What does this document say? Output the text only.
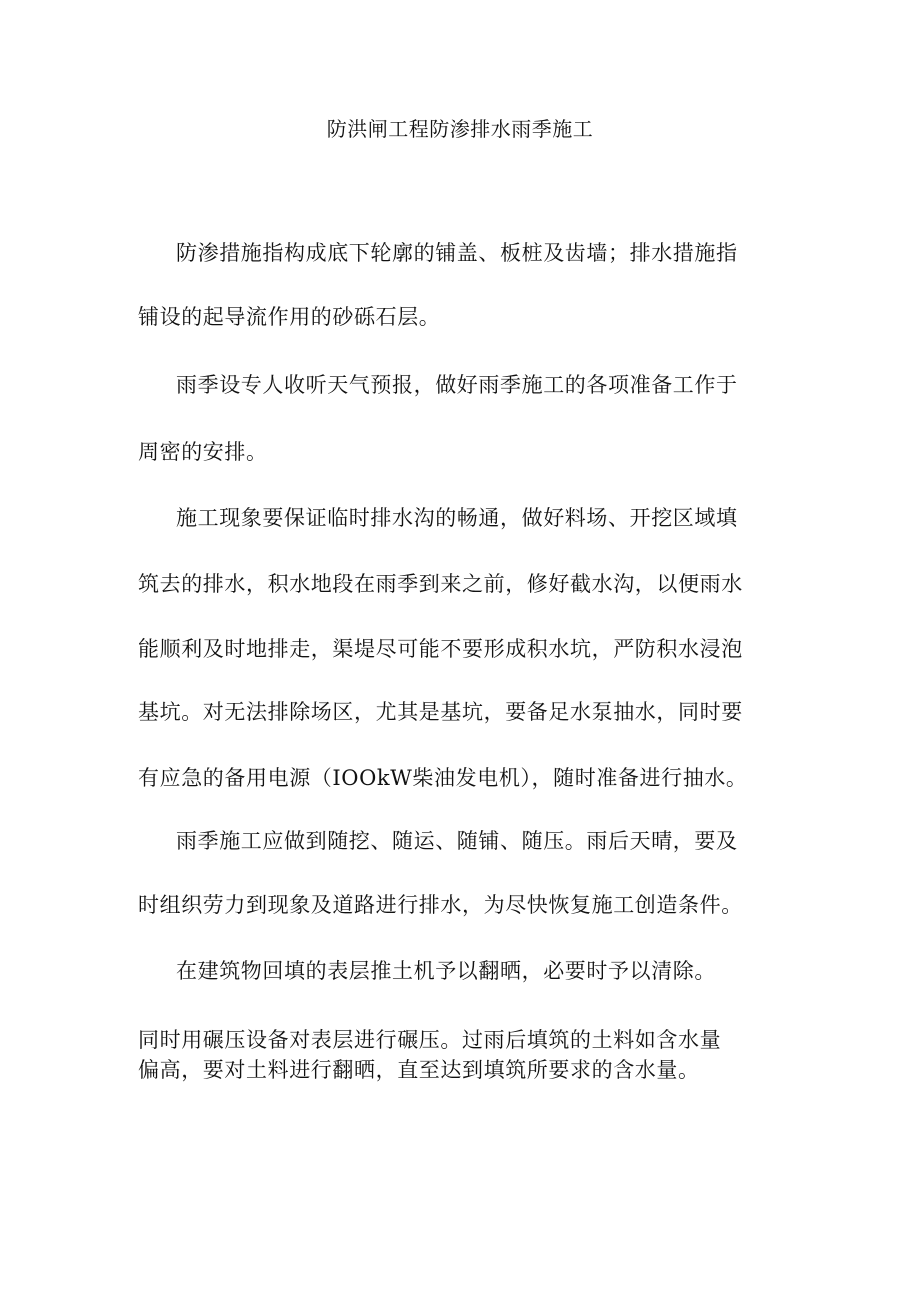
防洪闸工程防渗排水雨季施工
防渗措施指构成底下轮廓的铺盖、板桩及齿墙；排水措施指
铺设的起导流作用的砂砾石层。
雨季设专人收听天气预报，做好雨季施工的各项准备工作于
周密的安排。
施工现象要保证临时排水沟的畅通，做好料场、开挖区域填
筑去的排水，积水地段在雨季到来之前，修好截水沟，以便雨水
能顺利及时地排走，渠堤尽可能不要形成积水坑，严防积水浸泡
基坑。对无法排除场区，尤其是基坑，要备足水泵抽水，同时要
有应急的备用电源（IOOkW柴油发电机），随时准备进行抽水。
雨季施工应做到随挖、随运、随铺、随压。雨后天晴，要及
时组织劳力到现象及道路进行排水，为尽快恢复施工创造条件。
在建筑物回填的表层推土机予以翻晒，必要时予以清除。
同时用碾压设备对表层进行碾压。过雨后填筑的土料如含水量
偏高，要对土料进行翻晒，直至达到填筑所要求的含水量。
